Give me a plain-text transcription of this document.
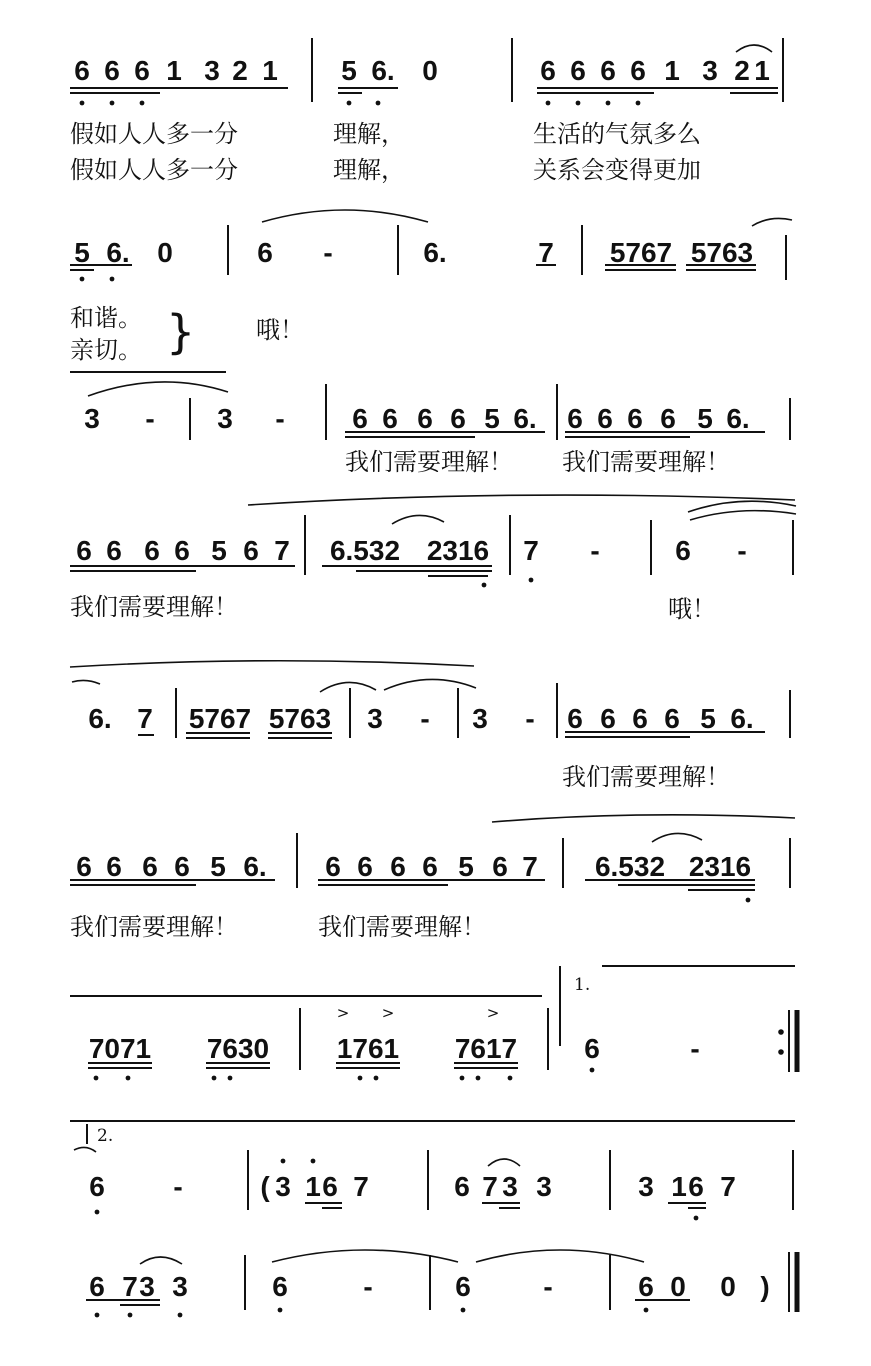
6 6 6 1 3 2 1 5 6. 0	6 6 6 6 1 3 2 1
假如人人多一分	理解，	生活的气氛多么
假如人人多一分	理解，	关系会变得更加
5 6. 0	6 -	6.	7 5767 5763
和谐。
亲切。 }	哦！
3 - 3 - 6 6 6 6 5 6. 6 6 6 6 5 6.
我们需要理解！ 我们需要理解！
6 6 6 6 5 6 7 6.532 2316 7 -	6 -
我们需要理解！	哦！
6. 7 5767 5763 3 - 3 - 6 6 6 6 5 6.
我们需要理解！
6 6 6 6 5 6. 6 6 6 6 5 6 7 6.532 2316
我们需要理解！	我们需要理解！
7071 7630 1761 7617 6	-
> >	>
1.
6 -	( 3 1 6 7	6 7 3 3	3 1 6 7
2.
6 7 3 3	6	-	6	-	6 0 0 )
